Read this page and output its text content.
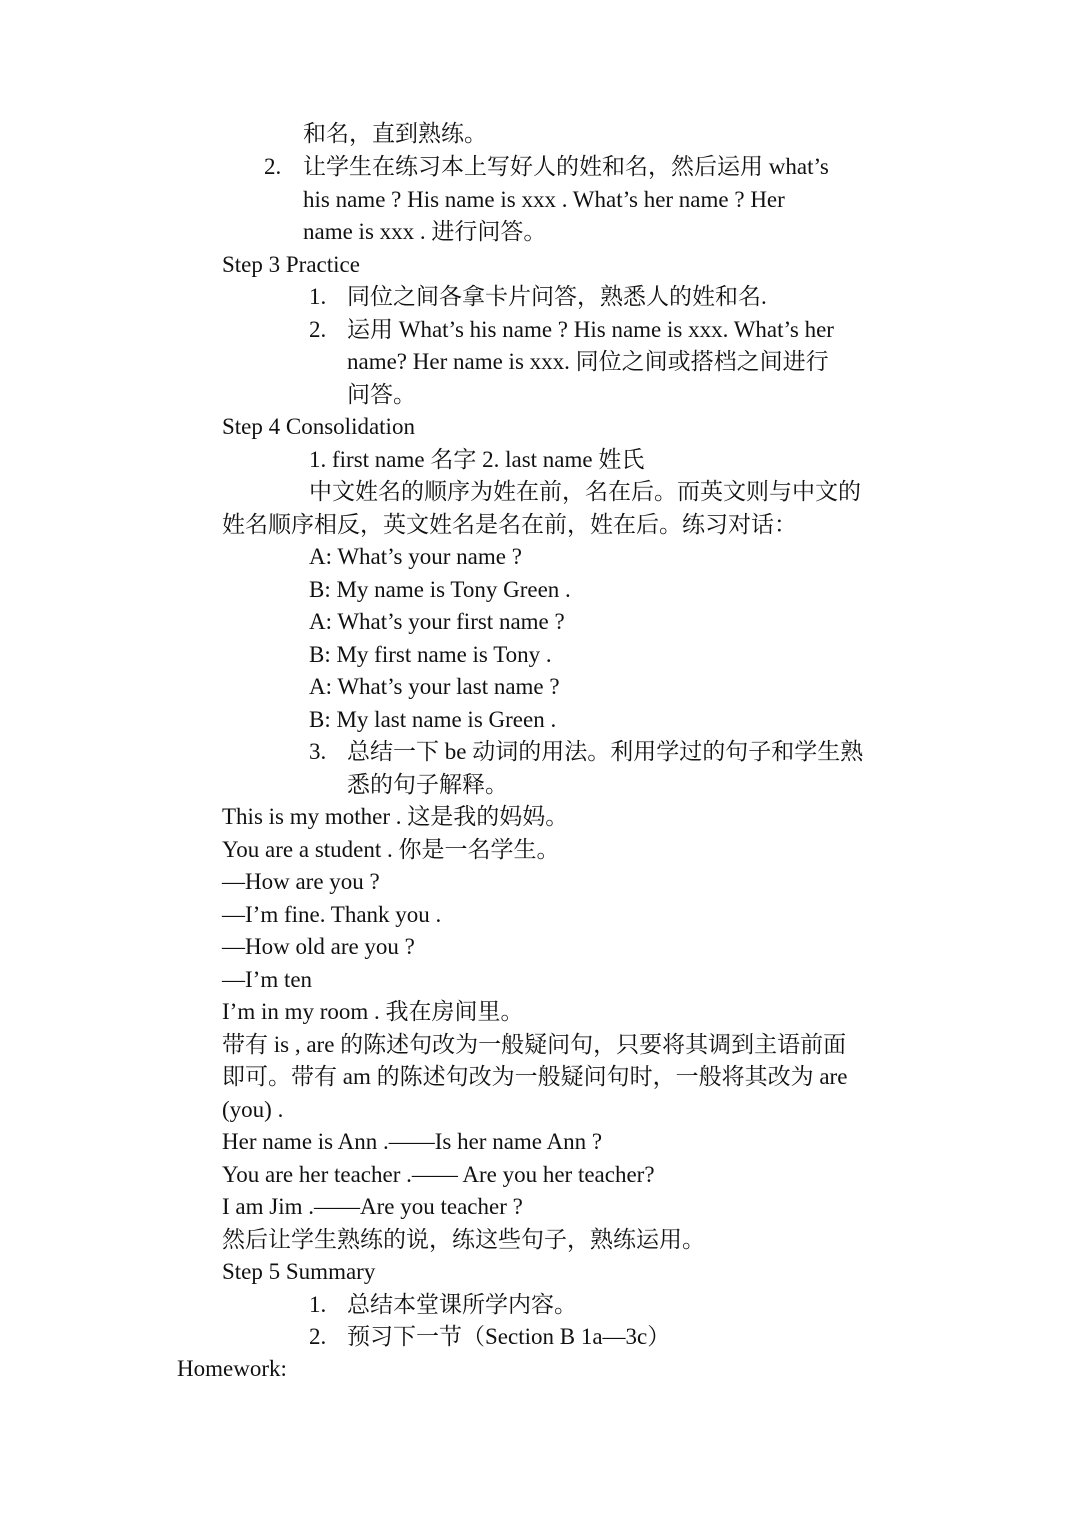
和名，直到熟练。
2. 让学生在练习本上写好人的姓和名，然后运用 what’s
his name ? His name is xxx . What’s her name ? Her
name is xxx . 进行问答。
Step 3 Practice
1. 同位之间各拿卡片问答，熟悉人的姓和名.
2. 运用 What’s his name ? His name is xxx. What’s her
name? Her name is xxx. 同位之间或搭档之间进行
问答。
Step 4 Consolidation
1. first name 名字 2. last name 姓氏
中文姓名的顺序为姓在前，名在后。而英文则与中文的
姓名顺序相反，英文姓名是名在前，姓在后。练习对话：
A: What’s your name ?
B: My name is Tony Green .
A: What’s your first name ?
B: My first name is Tony .
A: What’s your last name ?
B: My last name is Green .
3. 总结一下 be 动词的用法。利用学过的句子和学生熟
悉的句子解释。
This is my mother . 这是我的妈妈。
You are a student . 你是一名学生。
—How are you ?
—I’m fine. Thank you .
—How old are you ?
—I’m ten
I’m in my room . 我在房间里。
带有 is , are 的陈述句改为一般疑问句，只要将其调到主语前面
即可。带有 am 的陈述句改为一般疑问句时，一般将其改为 are
(you) .
Her name is Ann .——Is her name Ann ?
You are her teacher .—— Are you her teacher?
I am Jim .——Are you teacher ?
然后让学生熟练的说，练这些句子，熟练运用。
Step 5 Summary
1. 总结本堂课所学内容。
2. 预习下一节（Section B 1a—3c）
Homework:
